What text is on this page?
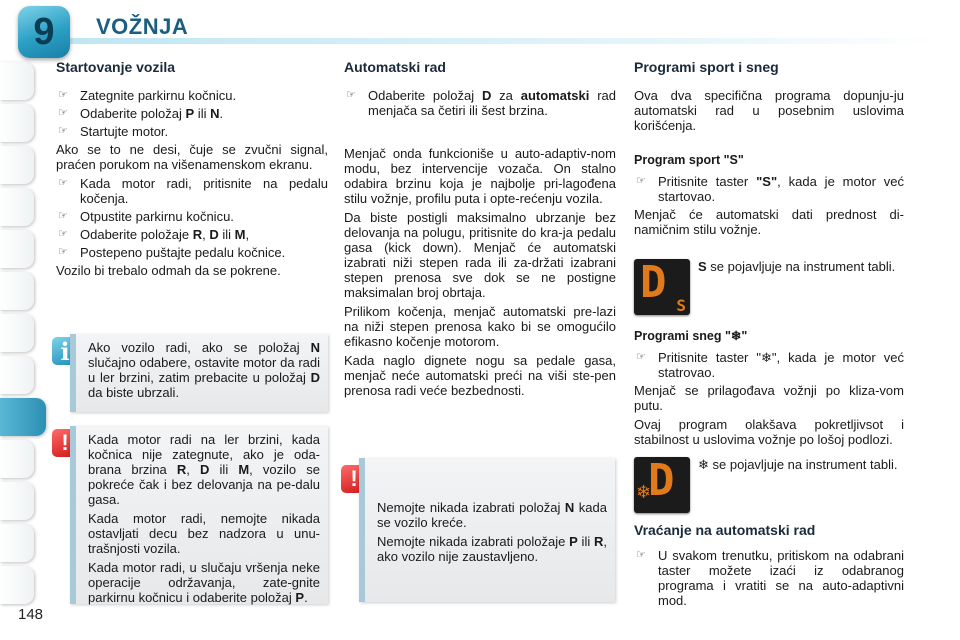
9 VOŽNJA
148
Startovanje vozila
☞ Zategnite parkirnu kočnicu.
☞ Odaberite položaj P ili N.
☞ Startujte motor.

Ako se to ne desi, čuje se zvučni signal, praćen porukom na višenamenskom ekranu.

☞ Kada motor radi, pritisnite na pedalu kočenja.
☞ Otpustite parkirnu kočnicu.
☞ Odaberite položaje R, D ili M,
☞ Postepeno puštajte pedalu kočnice.

Vozilo bi trebalo odmah da se pokrene.

i	Ako vozilo radi, ako se položaj N slučajno odabere, ostavite motor da radi u ler brzini, zatim prebacite u položaj D da biste ubrzali.

!	Kada motor radi na ler brzini, kada kočnica nije zategnute, ako je oda-brana brzina R, D ili M, vozilo se pokreće čak i bez delovanja na pe-dalu gasa.

Kada motor radi, nemojte nikada ostavljati decu bez nadzora u unu-trašnjosti vozila.

Kada motor radi, u slučaju vršenja neke operacije održavanja, zate-gnite parkirnu kočnicu i odaberite položaj P.

Automatski rad
☞ Odaberite položaj D za automatski rad menjača sa četiri ili šest brzina.

Menjač onda funkcioniše u auto-adaptiv-nom modu, bez intervencije vozača. On stalno odabira brzinu koja je najbolje pri-lagođena stilu vožnje, profilu puta i opte-rećenju vozila.

Da biste postigli maksimalno ubrzanje bez delovanja na polugu, pritisnite do kra-ja pedalu gasa (kick down). Menjač će automatski izabrati niži stepen rada ili za-držati izabrani stepen prenosa sve dok se ne postigne maksimalan broj obrtaja.

Prilikom kočenja, menjač automatski pre-lazi na niži stepen prenosa kako bi se omogućilo efikasno kočenje motorom.

Kada naglo dignete nogu sa pedale gasa, menjač neće automatski preći na viši ste-pen prenosa radi veće bezbednosti.

!

Nemojte nikada izabrati položaj N kada se vozilo kreće.

Nemojte nikada izabrati položaje P ili R, ako vozilo nije zaustavljeno.

Programi sport i sneg

Ova dva specifična programa dopunju-ju automatski rad u posebnim uslovima korišćenja.

Program sport "S"
☞ Pritisnite taster "S", kada je motor već startovao.

Menjač će automatski dati prednost di-namičnim stilu vožnje.

D S
S se pojavljuje na instrument tabli.
Programi sneg "❄"
☞ Pritisnite taster "❄", kada je motor već statrovao.

Menjač se prilagođava vožnji po kliza-vom putu.

Ovaj program olakšava pokretljivsot i stabilnost u uslovima vožnje po lošoj podlozi.

D
❄
❄ se pojavljuje na instrument tabli.
Vraćanje na automatski rad
☞ U svakom trenutku, pritiskom na odabrani taster možete izaći iz odabranog programa i vratiti se na auto-adaptivni mod.
